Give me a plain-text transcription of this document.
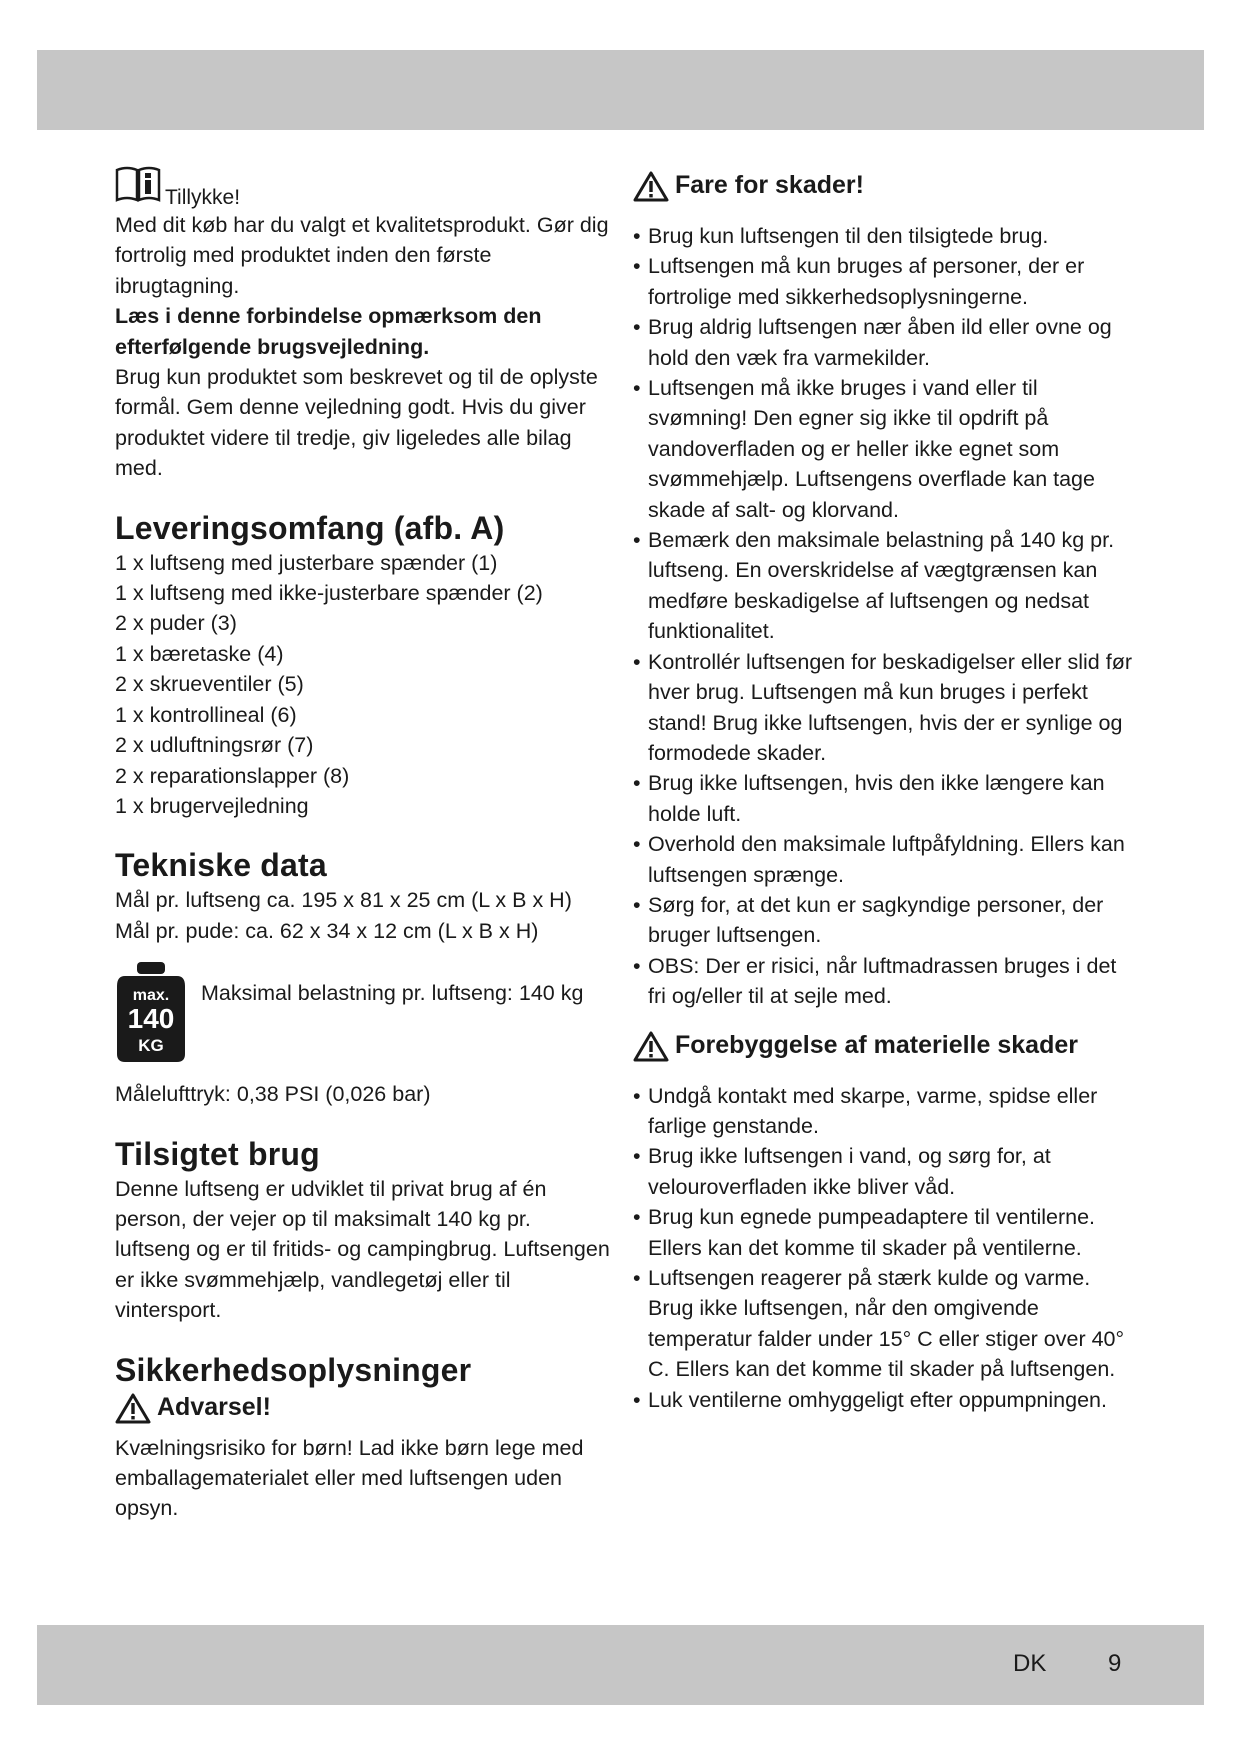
Tillykke!

Med dit køb har du valgt et kvalitetsprodukt. Gør dig fortrolig med produktet inden den første ibrugtagning.

Læs i denne forbindelse opmærksom den efterfølgende brugsvejledning.

Brug kun produktet som beskrevet og til de oplyste formål. Gem denne vejledning godt. Hvis du giver produktet videre til tredje, giv ligeledes alle bilag med.

Leveringsomfang (afb. A)
1 x luftseng med justerbare spænder (1)
1 x luftseng med ikke-justerbare spænder (2)
2 x puder (3)
1 x bæretaske (4)
2 x skrueventiler (5)
1 x kontrollineal (6)
2 x udluftningsrør (7)
2 x reparationslapper (8)
1 x brugervejledning
Tekniske data

Mål pr. luftseng ca. 195 x 81 x 25 cm (L x B x H)

Mål pr. pude: ca. 62 x 34 x 12 cm (L x B x H)

max.
140
KG

Maksimal belastning pr. luftseng: 140 kg

Målelufttryk: 0,38 PSI (0,026 bar)

Tilsigtet brug

Denne luftseng er udviklet til privat brug af én person, der vejer op til maksimalt 140 kg pr. luftseng og er til fritids- og campingbrug. Luftsengen er ikke svømmehjælp, vandlegetøj eller til vintersport.

Sikkerhedsoplysninger
Advarsel!

Kvælningsrisiko for børn! Lad ikke børn lege med emballagematerialet eller med luftsengen uden opsyn.

Fare for skader!
• Brug kun luftsengen til den tilsigtede brug.
• Luftsengen må kun bruges af personer, der er fortrolige med sikkerhedsoplysningerne.
• Brug aldrig luftsengen nær åben ild eller ovne og hold den væk fra varmekilder.
• Luftsengen må ikke bruges i vand eller til svømning! Den egner sig ikke til opdrift på vandoverfladen og er heller ikke egnet som svømmehjælp. Luftsengens overflade kan tage skade af salt- og klorvand.
• Bemærk den maksimale belastning på 140 kg pr. luftseng. En overskridelse af vægtgrænsen kan medføre beskadigelse af luftsengen og nedsat funktionalitet.
• Kontrollér luftsengen for beskadigelser eller slid før hver brug. Luftsengen må kun bruges i perfekt stand! Brug ikke luftsengen, hvis der er synlige og formodede skader.
• Brug ikke luftsengen, hvis den ikke længere kan holde luft.
• Overhold den maksimale luftpåfyldning. Ellers kan luftsengen sprænge.
• Sørg for, at det kun er sagkyndige personer, der bruger luftsengen.
• OBS: Der er risici, når luftmadrassen bruges i det fri og/eller til at sejle med.
Forebyggelse af materielle skader
• Undgå kontakt med skarpe, varme, spidse eller farlige genstande.
• Brug ikke luftsengen i vand, og sørg for, at velouroverfladen ikke bliver våd.
• Brug kun egnede pumpeadaptere til ventilerne. Ellers kan det komme til skader på ventilerne.
• Luftsengen reagerer på stærk kulde og varme. Brug ikke luftsengen, når den omgivende temperatur falder under 15° C eller stiger over 40° C. Ellers kan det komme til skader på luftsengen.
• Luk ventilerne omhyggeligt efter oppumpningen.
DK	9
